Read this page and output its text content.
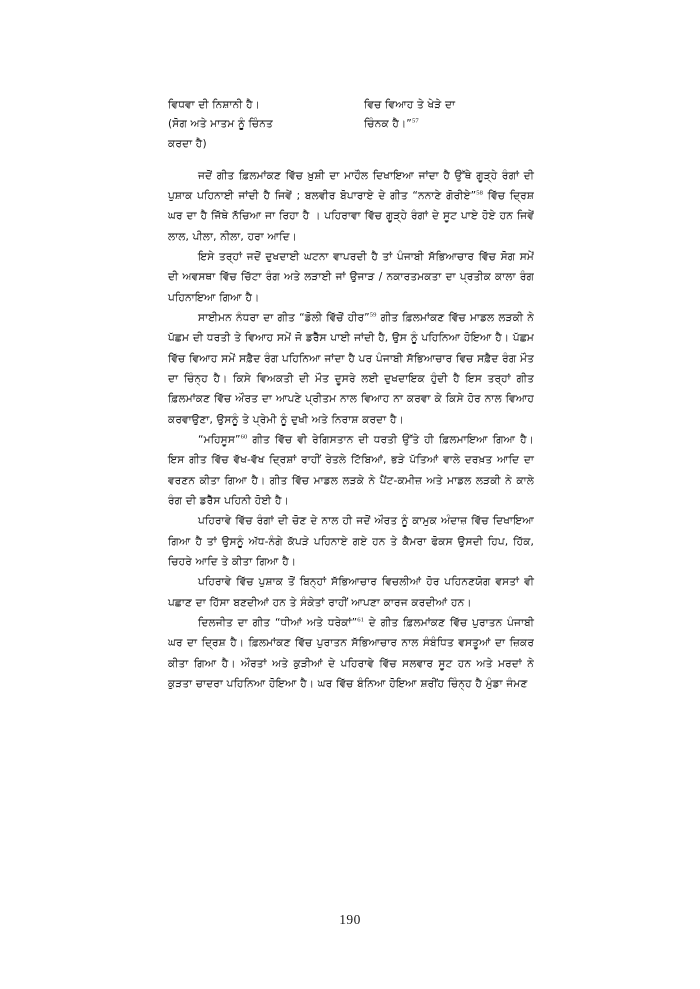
ਵਿਧਵਾ ਦੀ ਨਿਸ਼ਾਨੀ ਹੈ।	ਵਿਚ ਵਿਆਹ ਤੇ ਖੇੜੇ ਦਾ
(ਸੋਗ ਅਤੇ ਮਾਤਮ ਨੂੰ ਚਿੰਨਤ	ਚਿੰਨਕ ਹੈ।”$^{57}$
ਕਰਦਾ ਹੈ)

ਜਦੋਂ ਗੀਤ ਫ਼ਿਲਮਾਂਕਣ ਵਿੱਚ ਖ਼ੁਸ਼ੀ ਦਾ ਮਾਹੌਲ ਦਿਖਾਇਆ ਜਾਂਦਾ ਹੈ ਉੱਥੇ ਗੂੜ੍ਹੇ ਰੰਗਾਂ ਦੀ ਪੁਸ਼ਾਕ ਪਹਿਨਾਈ ਜਾਂਦੀ ਹੈ ਜਿਵੇਂ ; ਬਲਵੀਰ ਬੋਪਾਰਾਏ ਦੇ ਗੀਤ “ਨਨਾਣੇ ਗੋਰੀਏ”$^{58}$ ਵਿੱਚ ਦ੍ਰਿਸ਼ ਘਰ ਦਾ ਹੈ ਜਿੱਥੇ ਨੱਚਿਆ ਜਾ ਰਿਹਾ ਹੈ । ਪਹਿਰਾਵਾ ਵਿੱਚ ਗੂੜ੍ਹੇ ਰੰਗਾਂ ਦੇ ਸੂਟ ਪਾਏ ਹੋਏ ਹਨ ਜਿਵੇਂ ਲਾਲ, ਪੀਲਾ, ਨੀਲਾ, ਹਰਾ ਆਦਿ।

ਇਸੇ ਤਰ੍ਹਾਂ ਜਦੋਂ ਦੁਖਦਾਈ ਘਟਨਾ ਵਾਪਰਦੀ ਹੈ ਤਾਂ ਪੰਜਾਬੀ ਸੱਭਿਆਚਾਰ ਵਿੱਚ ਸੋਗ ਸਮੇਂ ਦੀ ਅਵਸਥਾ ਵਿੱਚ ਚਿੱਟਾ ਰੰਗ ਅਤੇ ਲੜਾਈ ਜਾਂ ਉਜਾੜ / ਨਕਾਰਤਮਕਤਾ ਦਾ ਪ੍ਰਤੀਕ ਕਾਲਾ ਰੰਗ ਪਹਿਨਾਇਆ ਗਿਆ ਹੈ।

ਸਾਈਮਨ ਨੰਧਰਾ ਦਾ ਗੀਤ “ਡੋਲੀ ਵਿੱਚੋਂ ਹੀਰ”$^{59}$ ਗੀਤ ਫ਼ਿਲਮਾਂਕਣ ਵਿੱਚ ਮਾਡਲ ਲੜਕੀ ਨੇ ਪੱਛਮ ਦੀ ਧਰਤੀ ਤੇ ਵਿਆਹ ਸਮੇਂ ਜੋ ਡਰੈੱਸ ਪਾਈ ਜਾਂਦੀ ਹੈ, ਉਸ ਨੂੰ ਪਹਿਨਿਆ ਹੋਇਆ ਹੈ। ਪੱਛਮ ਵਿੱਚ ਵਿਆਹ ਸਮੇਂ ਸਫ਼ੈਦ ਰੰਗ ਪਹਿਨਿਆ ਜਾਂਦਾ ਹੈ ਪਰ ਪੰਜਾਬੀ ਸੱਭਿਆਚਾਰ ਵਿਚ ਸਫ਼ੈਦ ਰੰਗ ਮੌਤ ਦਾ ਚਿੰਨ੍ਹ ਹੈ। ਕਿਸੇ ਵਿਅਕਤੀ ਦੀ ਮੌਤ ਦੂਸਰੇ ਲਈ ਦੁਖਦਾਇਕ ਹੁੰਦੀ ਹੈ ਇਸ ਤਰ੍ਹਾਂ ਗੀਤ ਫ਼ਿਲਮਾਂਕਣ ਵਿੱਚ ਔਰਤ ਦਾ ਆਪਣੇ ਪ੍ਰੀਤਮ ਨਾਲ ਵਿਆਹ ਨਾ ਕਰਵਾ ਕੇ ਕਿਸੇ ਹੋਰ ਨਾਲ ਵਿਆਹ ਕਰਵਾਉਣਾ, ਉਸਨੂੰ ਤੇ ਪ੍ਰੇਮੀ ਨੂੰ ਦੁਖੀ ਅਤੇ ਨਿਰਾਸ਼ ਕਰਦਾ ਹੈ।

“ਮਹਿਸੂਸ”$^{60}$ ਗੀਤ ਵਿੱਚ ਵੀ ਰੇਗਿਸਤਾਨ ਦੀ ਧਰਤੀ ਉੱਤੇ ਹੀ ਫ਼ਿਲਮਾਇਆ ਗਿਆ ਹੈ। ਇਸ ਗੀਤ ਵਿੱਚ ਵੱਖ-ਵੱਖ ਦ੍ਰਿਸ਼ਾਂ ਰਾਹੀਂ ਰੇਤਲੇ ਟਿੱਬਿਆਂ, ਭੜੇ ਪੱਤਿਆਂ ਵਾਲੇ ਦਰਖ਼ਤ ਆਦਿ ਦਾ ਵਰਣਨ ਕੀਤਾ ਗਿਆ ਹੈ। ਗੀਤ ਵਿੱਚ ਮਾਡਲ ਲੜਕੇ ਨੇ ਪੈਂਟ-ਕਮੀਜ਼ ਅਤੇ ਮਾਡਲ ਲੜਕੀ ਨੇ ਕਾਲੇ ਰੰਗ ਦੀ ਡਰੈੱਸ ਪਹਿਨੀ ਹੋਈ ਹੈ।

ਪਹਿਰਾਵੇ ਵਿੱਚ ਰੰਗਾਂ ਦੀ ਚੋਣ ਦੇ ਨਾਲ ਹੀ ਜਦੋਂ ਔਰਤ ਨੂੰ ਕਾਮੁਕ ਅੰਦਾਜ਼ ਵਿੱਚ ਦਿਖਾਇਆ ਗਿਆ ਹੈ ਤਾਂ ਉਸਨੂੰ ਅੱਧ-ਨੰਗੇ ਕੱਪੜੇ ਪਹਿਨਾਏ ਗਏ ਹਨ ਤੇ ਕੈਮਰਾ ਫੋਕਸ ਉਸਦੀ ਹਿਪ, ਹਿੱਕ, ਚਿਹਰੇ ਆਦਿ ਤੇ ਕੀਤਾ ਗਿਆ ਹੈ।

ਪਹਿਰਾਵੇ ਵਿੱਚ ਪੁਸ਼ਾਕ ਤੋਂ ਬਿਨ੍ਹਾਂ ਸੱਭਿਆਚਾਰ ਵਿਚਲੀਆਂ ਹੋਰ ਪਹਿਨਣਯੋਗ ਵਸਤਾਂ ਵੀ ਪਛਾਣ ਦਾ ਹਿੱਸਾ ਬਣਦੀਆਂ ਹਨ ਤੇ ਸੰਕੇਤਾਂ ਰਾਹੀਂ ਆਪਣਾ ਕਾਰਜ ਕਰਦੀਆਂ ਹਨ।

ਦਿਲਜੀਤ ਦਾ ਗੀਤ “ਧੀਆਂ ਅਤੇ ਧਰੇਕਾਂ”$^{61}$ ਦੇ ਗੀਤ ਫ਼ਿਲਮਾਂਕਣ ਵਿੱਚ ਪੁਰਾਤਨ ਪੰਜਾਬੀ ਘਰ ਦਾ ਦ੍ਰਿਸ਼ ਹੈ। ਫ਼ਿਲਮਾਂਕਣ ਵਿੱਚ ਪੁਰਾਤਨ ਸੱਭਿਆਚਾਰ ਨਾਲ ਸੰਬੰਧਿਤ ਵਸਤੂਆਂ ਦਾ ਜ਼ਿਕਰ ਕੀਤਾ ਗਿਆ ਹੈ। ਔਰਤਾਂ ਅਤੇ ਕੁੜੀਆਂ ਦੇ ਪਹਿਰਾਵੇ ਵਿੱਚ ਸਲਵਾਰ ਸੂਟ ਹਨ ਅਤੇ ਮਰਦਾਂ ਨੇ ਕੁੜਤਾ ਚਾਦਰਾ ਪਹਿਨਿਆ ਹੋਇਆ ਹੈ। ਘਰ ਵਿੱਚ ਬੰਨਿਆ ਹੋਇਆ ਸ਼ਰੀਂਹ ਚਿੰਨ੍ਹ ਹੈ ਮੁੰਡਾ ਜੰਮਣ

190
